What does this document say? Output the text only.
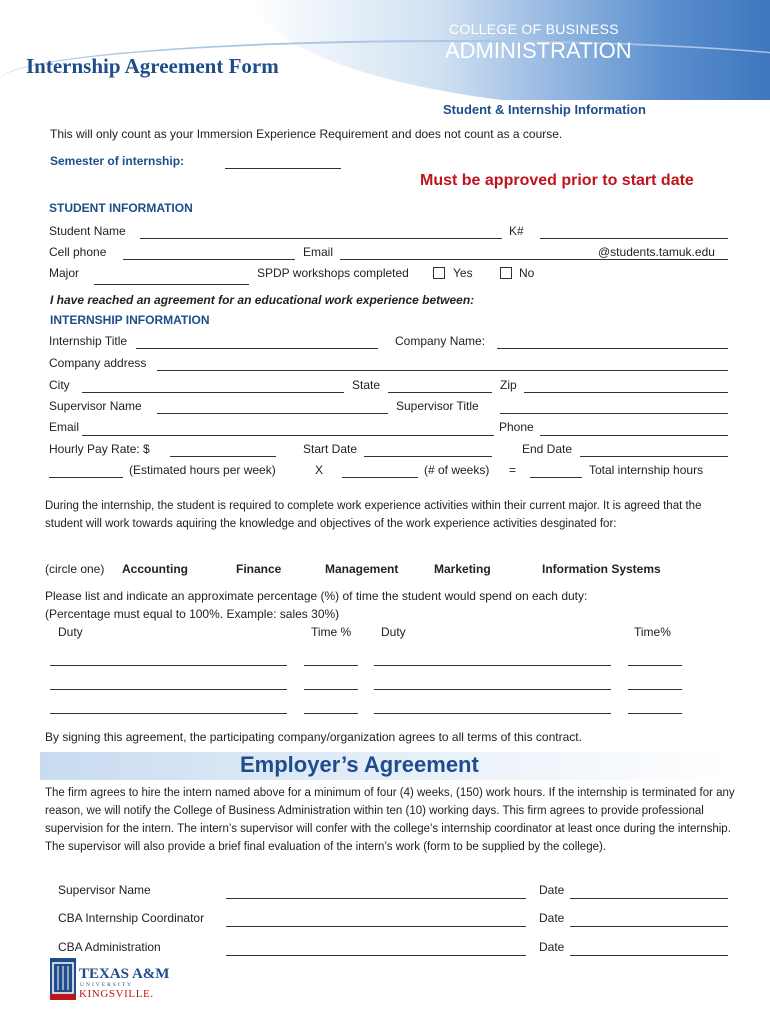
Internship Agreement Form
COLLEGE OF BUSINESS
ADMINISTRATION
Student & Internship Information
This will only count as your Immersion Experience Requirement and does not count as a course.
Semester of internship:
Must be approved prior to start date
STUDENT INFORMATION
Student Name	K#
Cell phone	Email	@students.tamuk.edu
Major	SPDP workshops completed	Yes	No
I have reached an agreement for an educational work experience between:
INTERNSHIP INFORMATION
Internship Title	Company Name:
Company address
City	State	Zip
Supervisor Name	Supervisor Title
Email	Phone
Hourly Pay Rate: $	Start Date	End Date
(Estimated hours per week)	X	(# of weeks) =	Total internship hours
During the internship, the student is required to complete work experience activities within their current major. It is agreed that the student will work towards aquiring the knowledge and objectives of the work experience activities desginated for:
(circle one) Accounting	Finance	Management	Marketing	Information Systems
Please list and indicate an approximate percentage (%) of time the student would spend on each duty:
(Percentage must equal to 100%. Example: sales 30%)
Duty	Time % Duty	Time%
By signing this agreement, the participating company/organization agrees to all terms of this contract.
Employer’s Agreement
The firm agrees to hire the intern named above for a minimum of four (4) weeks, (150) work hours. If the internship is terminated for any reason, we will notify the College of Business Administration within ten (10) working days. This firm agrees to provide professional supervision for the intern. The intern’s supervisor will confer with the college’s internship coordinator at least once during the internship. The supervisor will also provide a brief final evaluation of the intern’s work (form to be supplied by the college).
Supervisor Name	Date
CBA Internship Coordinator	Date
CBA Administration	Date
TEXAS A&M
UNIVERSITY
KINGSVILLE.
